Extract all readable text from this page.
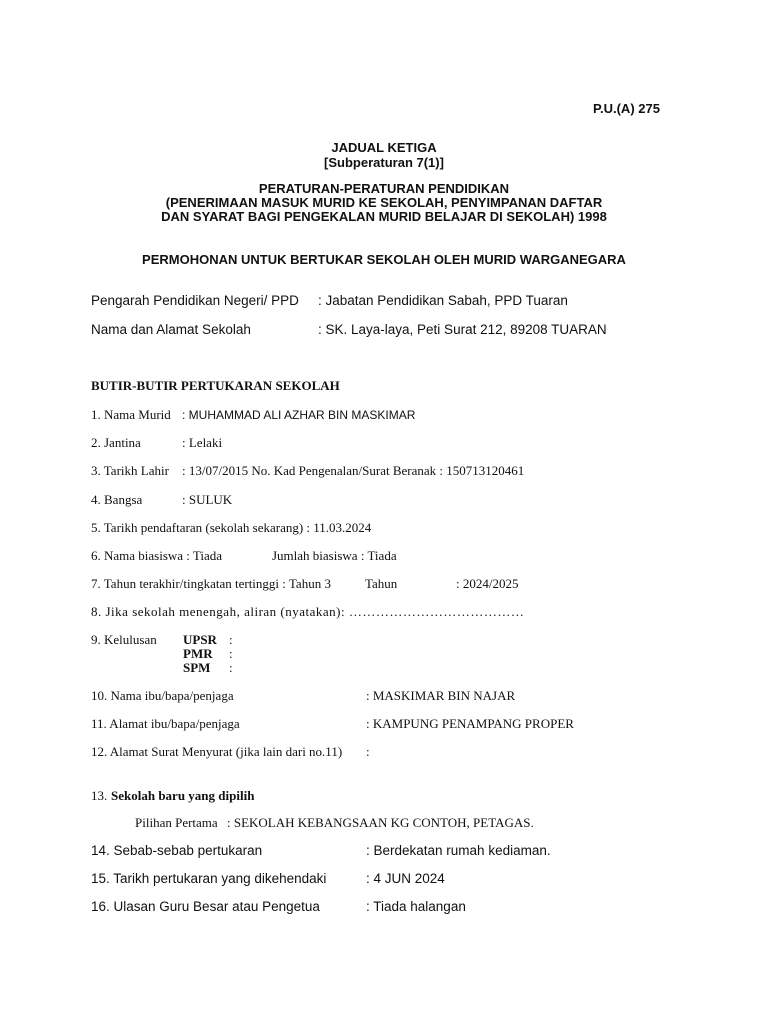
P.U.(A) 275
JADUAL KETIGA
[Subperaturan 7(1)]
PERATURAN-PERATURAN PENDIDIKAN
(PENERIMAAN MASUK MURID KE SEKOLAH, PENYIMPANAN DAFTAR
DAN SYARAT BAGI PENGEKALAN MURID BELAJAR DI SEKOLAH) 1998
PERMOHONAN UNTUK BERTUKAR SEKOLAH OLEH MURID WARGANEGARA
Pengarah Pendidikan Negeri/ PPD : Jabatan Pendidikan Sabah, PPD Tuaran
Nama dan Alamat Sekolah	: SK. Laya-laya, Peti Surat 212, 89208 TUARAN
BUTIR-BUTIR PERTUKARAN SEKOLAH
1. Nama Murid : MUHAMMAD ALI AZHAR BIN MASKIMAR
2. Jantina	: Lelaki
3. Tarikh Lahir : 13/07/2015 No. Kad Pengenalan/Surat Beranak : 150713120461
4. Bangsa	: SULUK
5. Tarikh pendaftaran (sekolah sekarang) : 11.03.2024
6. Nama biasiswa : Tiada	Jumlah biasiswa : Tiada
7. Tahun terakhir/tingkatan tertinggi : Tahun 3	Tahun	: 2024/2025
8. Jika sekolah menengah, aliran (nyatakan): …………………………………
9. Kelulusan UPSR :
PMR :
SPM :
10. Nama ibu/bapa/penjaga	: MASKIMAR BIN NAJAR
11. Alamat ibu/bapa/penjaga	: KAMPUNG PENAMPANG PROPER
12. Alamat Surat Menyurat (jika lain dari no.11) :
13. Sekolah baru yang dipilih
Pilihan Pertama : SEKOLAH KEBANGSAAN KG CONTOH, PETAGAS.
14. Sebab-sebab pertukaran	: Berdekatan rumah kediaman.
15. Tarikh pertukaran yang dikehendaki	: 4 JUN 2024
16. Ulasan Guru Besar atau Pengetua	: Tiada halangan
